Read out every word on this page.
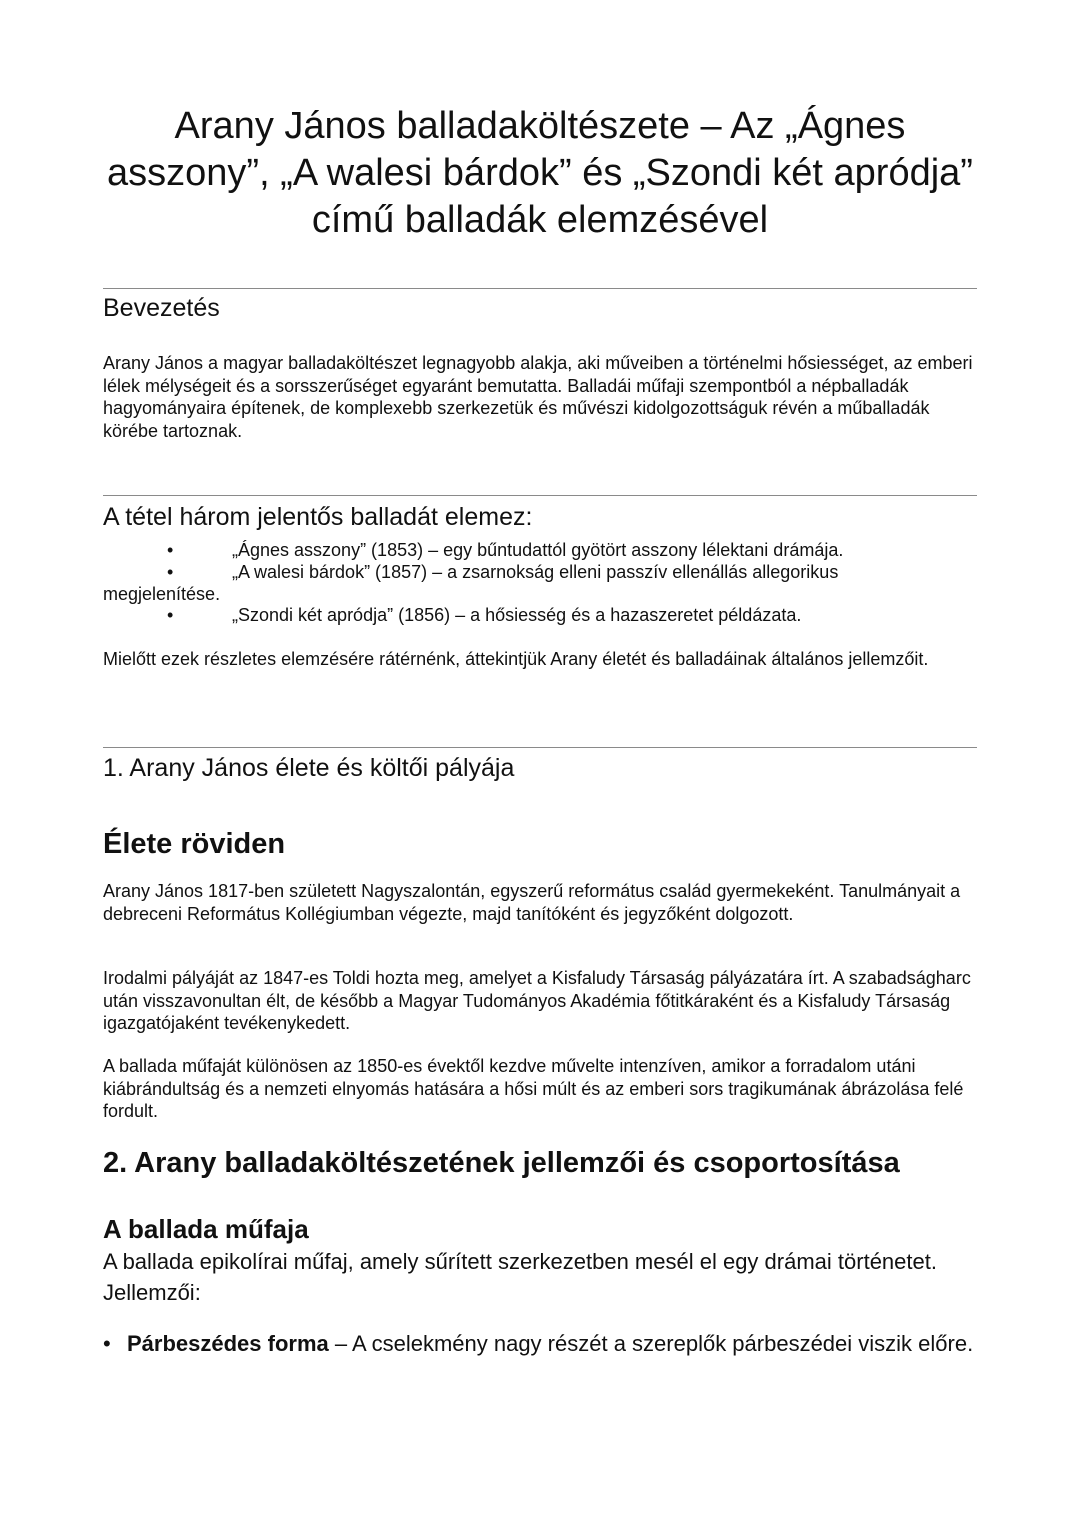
Arany János balladaköltészete – Az „Ágnes asszony”, „A walesi bárdok” és „Szondi két apródja” című balladák elemzésével
Bevezetés

Arany János a magyar balladaköltészet legnagyobb alakja, aki műveiben a történelmi hősiességet, az emberi lélek mélységeit és a sorsszerűséget egyaránt bemutatta. Balladái műfaji szempontból a népballadák hagyományaira építenek, de komplexebb szerkezetük és művészi kidolgozottságuk révén a műballadák körébe tartoznak.

A tétel három jelentős balladát elemez:
•	„Ágnes asszony” (1853) – egy bűntudattól gyötört asszony lélektani drámája.
•	„A walesi bárdok” (1857) – a zsarnokság elleni passzív ellenállás allegorikus
megjelenítése.
•	„Szondi két apródja” (1856) – a hősiesség és a hazaszeretet példázata.

Mielőtt ezek részletes elemzésére rátérnénk, áttekintjük Arany életét és balladáinak általános jellemzőit.

1. Arany János élete és költői pályája
Élete röviden

Arany János 1817-ben született Nagyszalontán, egyszerű református család gyermekeként. Tanulmányait a debreceni Református Kollégiumban végezte, majd tanítóként és jegyzőként dolgozott.

Irodalmi pályáját az 1847-es Toldi hozta meg, amelyet a Kisfaludy Társaság pályázatára írt. A szabadságharc után visszavonultan élt, de később a Magyar Tudományos Akadémia főtitkáraként és a Kisfaludy Társaság igazgatójaként tevékenykedett.

A ballada műfaját különösen az 1850-es évektől kezdve művelte intenzíven, amikor a forradalom utáni kiábrándultság és a nemzeti elnyomás hatására a hősi múlt és az emberi sors tragikumának ábrázolása felé fordult.

2. Arany balladaköltészetének jellemzői és csoportosítása
A ballada műfaja

A ballada epikolírai műfaj, amely sűrített szerkezetben mesél el egy drámai történetet. Jellemzői:

• Párbeszédes forma – A cselekmény nagy részét a szereplők párbeszédei viszik előre.
